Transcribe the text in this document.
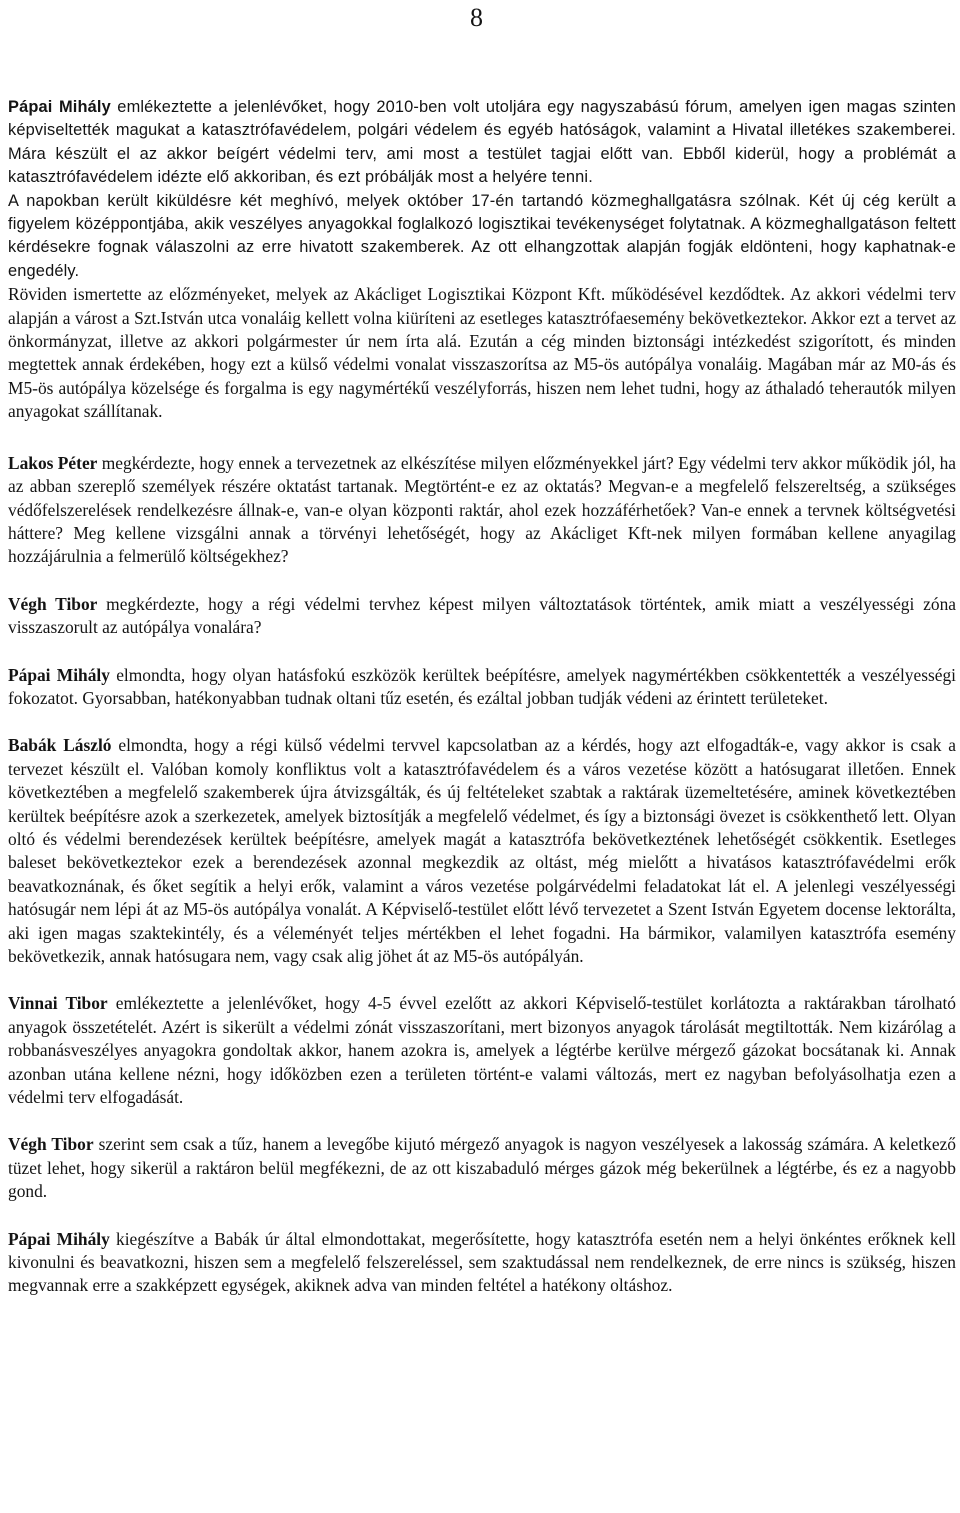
8

Pápai Mihály emlékeztette a jelenlévőket, hogy 2010-ben volt utoljára egy nagyszabású fórum, amelyen igen magas szinten képviseltették magukat a katasztrófavédelem, polgári védelem és egyéb hatóságok, valamint a Hivatal illetékes szakemberei. Mára készült el az akkor beígért védelmi terv, ami most a testület tagjai előtt van. Ebből kiderül, hogy a problémát a katasztrófavédelem idézte elő akkoriban, és ezt próbálják most a helyére tenni.

A napokban került kiküldésre két meghívó, melyek október 17-én tartandó közmeghallgatásra szólnak. Két új cég került a figyelem középpontjába, akik veszélyes anyagokkal foglalkozó logisztikai tevékenységet folytatnak. A közmeghallgatáson feltett kérdésekre fognak válaszolni az erre hivatott szakemberek. Az ott elhangzottak alapján fogják eldönteni, hogy kaphatnak-e engedély.

Röviden ismertette az előzményeket, melyek az Akácliget Logisztikai Központ Kft. működésével kezdődtek. Az akkori védelmi terv alapján a várost a Szt.István utca vonaláig kellett volna kiüríteni az esetleges katasztrófaesemény bekövetkeztekor. Akkor ezt a tervet az önkormányzat, illetve az akkori polgármester úr nem írta alá. Ezután a cég minden biztonsági intézkedést szigorított, és minden megtettek annak érdekében, hogy ezt a külső védelmi vonalat visszaszorítsa az M5-ös autópálya vonaláig. Magában már az M0-ás és M5-ös autópálya közelsége és forgalma is egy nagymértékű veszélyforrás, hiszen nem lehet tudni, hogy az áthaladó teherautók milyen anyagokat szállítanak.

Lakos Péter megkérdezte, hogy ennek a tervezetnek az elkészítése milyen előzményekkel járt? Egy védelmi terv akkor működik jól, ha az abban szereplő személyek részére oktatást tartanak. Megtörtént-e ez az oktatás? Megvan-e a megfelelő felszereltség, a szükséges védőfelszerelések rendelkezésre állnak-e, van-e olyan központi raktár, ahol ezek hozzáférhetőek? Van-e ennek a tervnek költségvetési háttere? Meg kellene vizsgálni annak a törvényi lehetőségét, hogy az Akácliget Kft-nek milyen formában kellene anyagilag hozzájárulnia a felmerülő költségekhez?

Végh Tibor megkérdezte, hogy a régi védelmi tervhez képest milyen változtatások történtek, amik miatt a veszélyességi zóna visszaszorult az autópálya vonalára?

Pápai Mihály elmondta, hogy olyan hatásfokú eszközök kerültek beépítésre, amelyek nagymértékben csökkentették a veszélyességi fokozatot. Gyorsabban, hatékonyabban tudnak oltani tűz esetén, és ezáltal jobban tudják védeni az érintett területeket.

Babák László elmondta, hogy a régi külső védelmi tervvel kapcsolatban az a kérdés, hogy azt elfogadták-e, vagy akkor is csak a tervezet készült el. Valóban komoly konfliktus volt a katasztrófavédelem és a város vezetése között a hatósugarat illetően. Ennek következtében a megfelelő szakemberek újra átvizsgálták, és új feltételeket szabtak a raktárak üzemeltetésére, aminek következtében kerültek beépítésre azok a szerkezetek, amelyek biztosítják a megfelelő védelmet, és így a biztonsági övezet is csökkenthető lett. Olyan oltó és védelmi berendezések kerültek beépítésre, amelyek magát a katasztrófa bekövetkeztének lehetőségét csökkentik. Esetleges baleset bekövetkeztekor ezek a berendezések azonnal megkezdik az oltást, még mielőtt a hivatásos katasztrófavédelmi erők beavatkoznának, és őket segítik a helyi erők, valamint a város vezetése polgárvédelmi feladatokat lát el. A jelenlegi veszélyességi hatósugár nem lépi át az M5-ös autópálya vonalát. A Képviselő-testület előtt lévő tervezetet a Szent István Egyetem docense lektorálta, aki igen magas szaktekintély, és a véleményét teljes mértékben el lehet fogadni. Ha bármikor, valamilyen katasztrófa esemény bekövetkezik, annak hatósugara nem, vagy csak alig jöhet át az M5-ös autópályán.

Vinnai Tibor emlékeztette a jelenlévőket, hogy 4-5 évvel ezelőtt az akkori Képviselő-testület korlátozta a raktárakban tárolható anyagok összetételét. Azért is sikerült a védelmi zónát visszaszorítani, mert bizonyos anyagok tárolását megtiltották. Nem kizárólag a robbanásveszélyes anyagokra gondoltak akkor, hanem azokra is, amelyek a légtérbe kerülve mérgező gázokat bocsátanak ki. Annak azonban utána kellene nézni, hogy időközben ezen a területen történt-e valami változás, mert ez nagyban befolyásolhatja ezen a védelmi terv elfogadását.

Végh Tibor szerint sem csak a tűz, hanem a levegőbe kijutó mérgező anyagok is nagyon veszélyesek a lakosság számára. A keletkező tüzet lehet, hogy sikerül a raktáron belül megfékezni, de az ott kiszabaduló mérges gázok még bekerülnek a légtérbe, és ez a nagyobb gond.

Pápai Mihály kiegészítve a Babák úr által elmondottakat, megerősítette, hogy katasztrófa esetén nem a helyi önkéntes erőknek kell kivonulni és beavatkozni, hiszen sem a megfelelő felszereléssel, sem szaktudással nem rendelkeznek, de erre nincs is szükség, hiszen megvannak erre a szakképzett egységek, akiknek adva van minden feltétel a hatékony oltáshoz.
